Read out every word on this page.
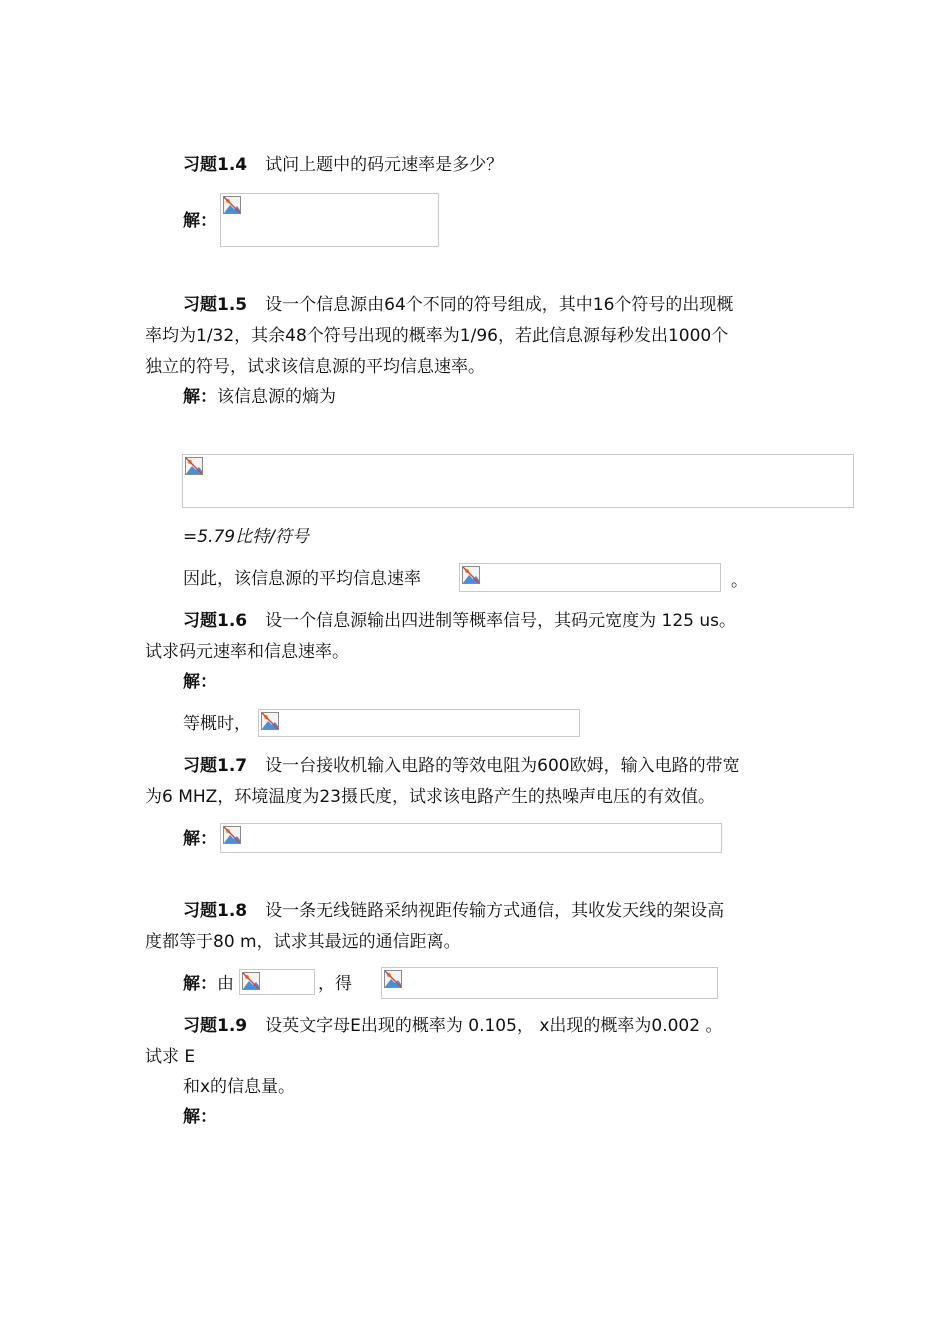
习题1.4 试问上题中的码元速率是多少？
解：
习题1.5 设一个信息源由64个不同的符号组成，其中16个符号的出现概
率均为1/32，其余48个符号出现的概率为1/96，若此信息源每秒发出1000个
独立的符号，试求该信息源的平均信息速率。
解：该信息源的熵为
=5.79比特/符号
因此，该信息源的平均信息速率	。
习题1.6 设一个信息源输出四进制等概率信号，其码元宽度为 125 us。
试求码元速率和信息速率。
解：
等概时，
习题1.7 设一台接收机输入电路的等效电阻为600欧姆，输入电路的带宽
为6 MHZ，环境温度为23摄氏度，试求该电路产生的热噪声电压的有效值。
解：
习题1.8 设一条无线链路采纳视距传输方式通信，其收发天线的架设高
度都等于80 m，试求其最远的通信距离。
解：由	，得
习题1.9 设英文字母E出现的概率为 0.105， x出现的概率为0.002 。
试求 E
和x的信息量。
解：
